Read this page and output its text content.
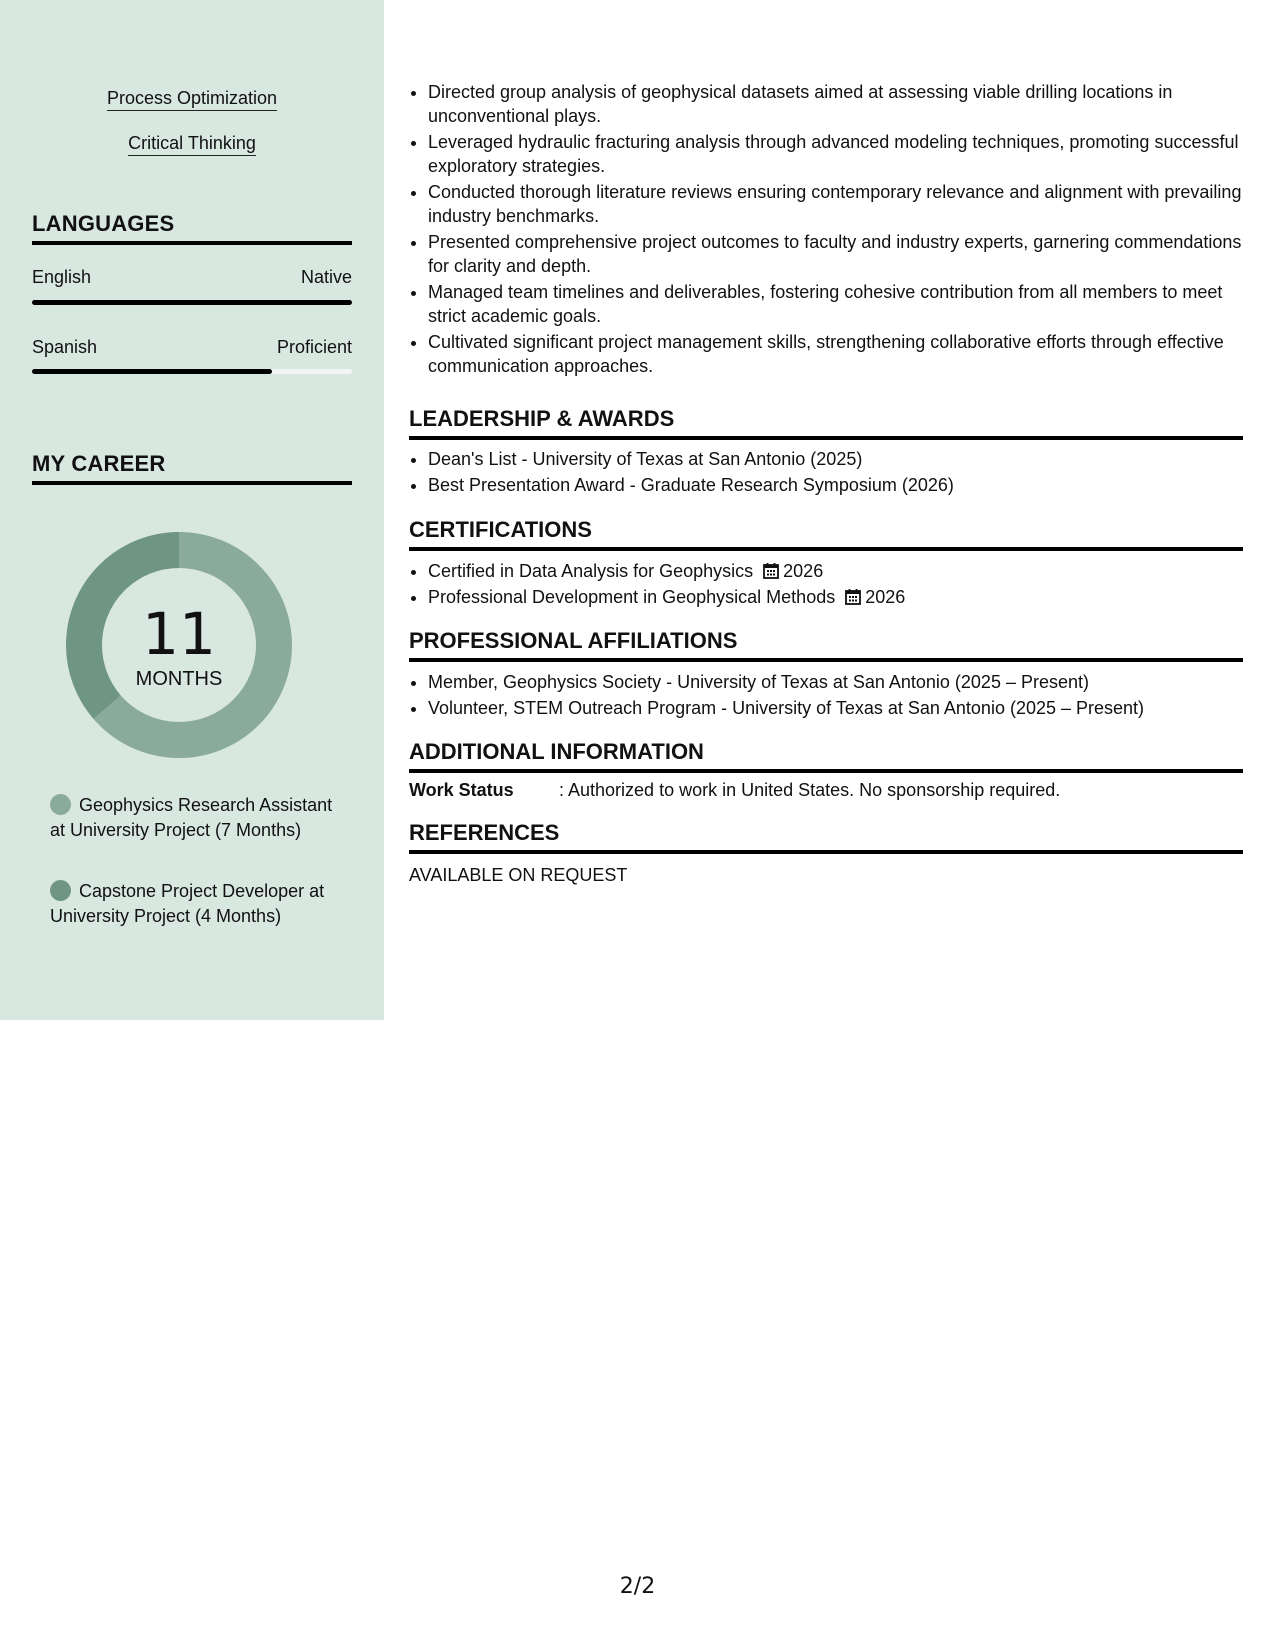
Process Optimization
Critical Thinking
LANGUAGES
English	Native
Spanish	Proficient
MY CAREER
11
MONTHS
Geophysics Research Assistant at University Project (7 Months)
Capstone Project Developer at University Project (4 Months)
• Directed group analysis of geophysical datasets aimed at assessing viable drilling locations in unconventional plays.
• Leveraged hydraulic fracturing analysis through advanced modeling techniques, promoting successful exploratory strategies.
• Conducted thorough literature reviews ensuring contemporary relevance and alignment with prevailing industry benchmarks.
• Presented comprehensive project outcomes to faculty and industry experts, garnering commendations for clarity and depth.
• Managed team timelines and deliverables, fostering cohesive contribution from all members to meet strict academic goals.
• Cultivated significant project management skills, strengthening collaborative efforts through effective communication approaches.
LEADERSHIP & AWARDS
• Dean's List - University of Texas at San Antonio (2025)
• Best Presentation Award - Graduate Research Symposium (2026)
CERTIFICATIONS
• Certified in Data Analysis for Geophysics 2026
• Professional Development in Geophysical Methods 2026
PROFESSIONAL AFFILIATIONS
• Member, Geophysics Society - University of Texas at San Antonio (2025 – Present)
• Volunteer, STEM Outreach Program - University of Texas at San Antonio (2025 – Present)
ADDITIONAL INFORMATION
Work Status	: Authorized to work in United States. No sponsorship required.
REFERENCES
AVAILABLE ON REQUEST
2/2
